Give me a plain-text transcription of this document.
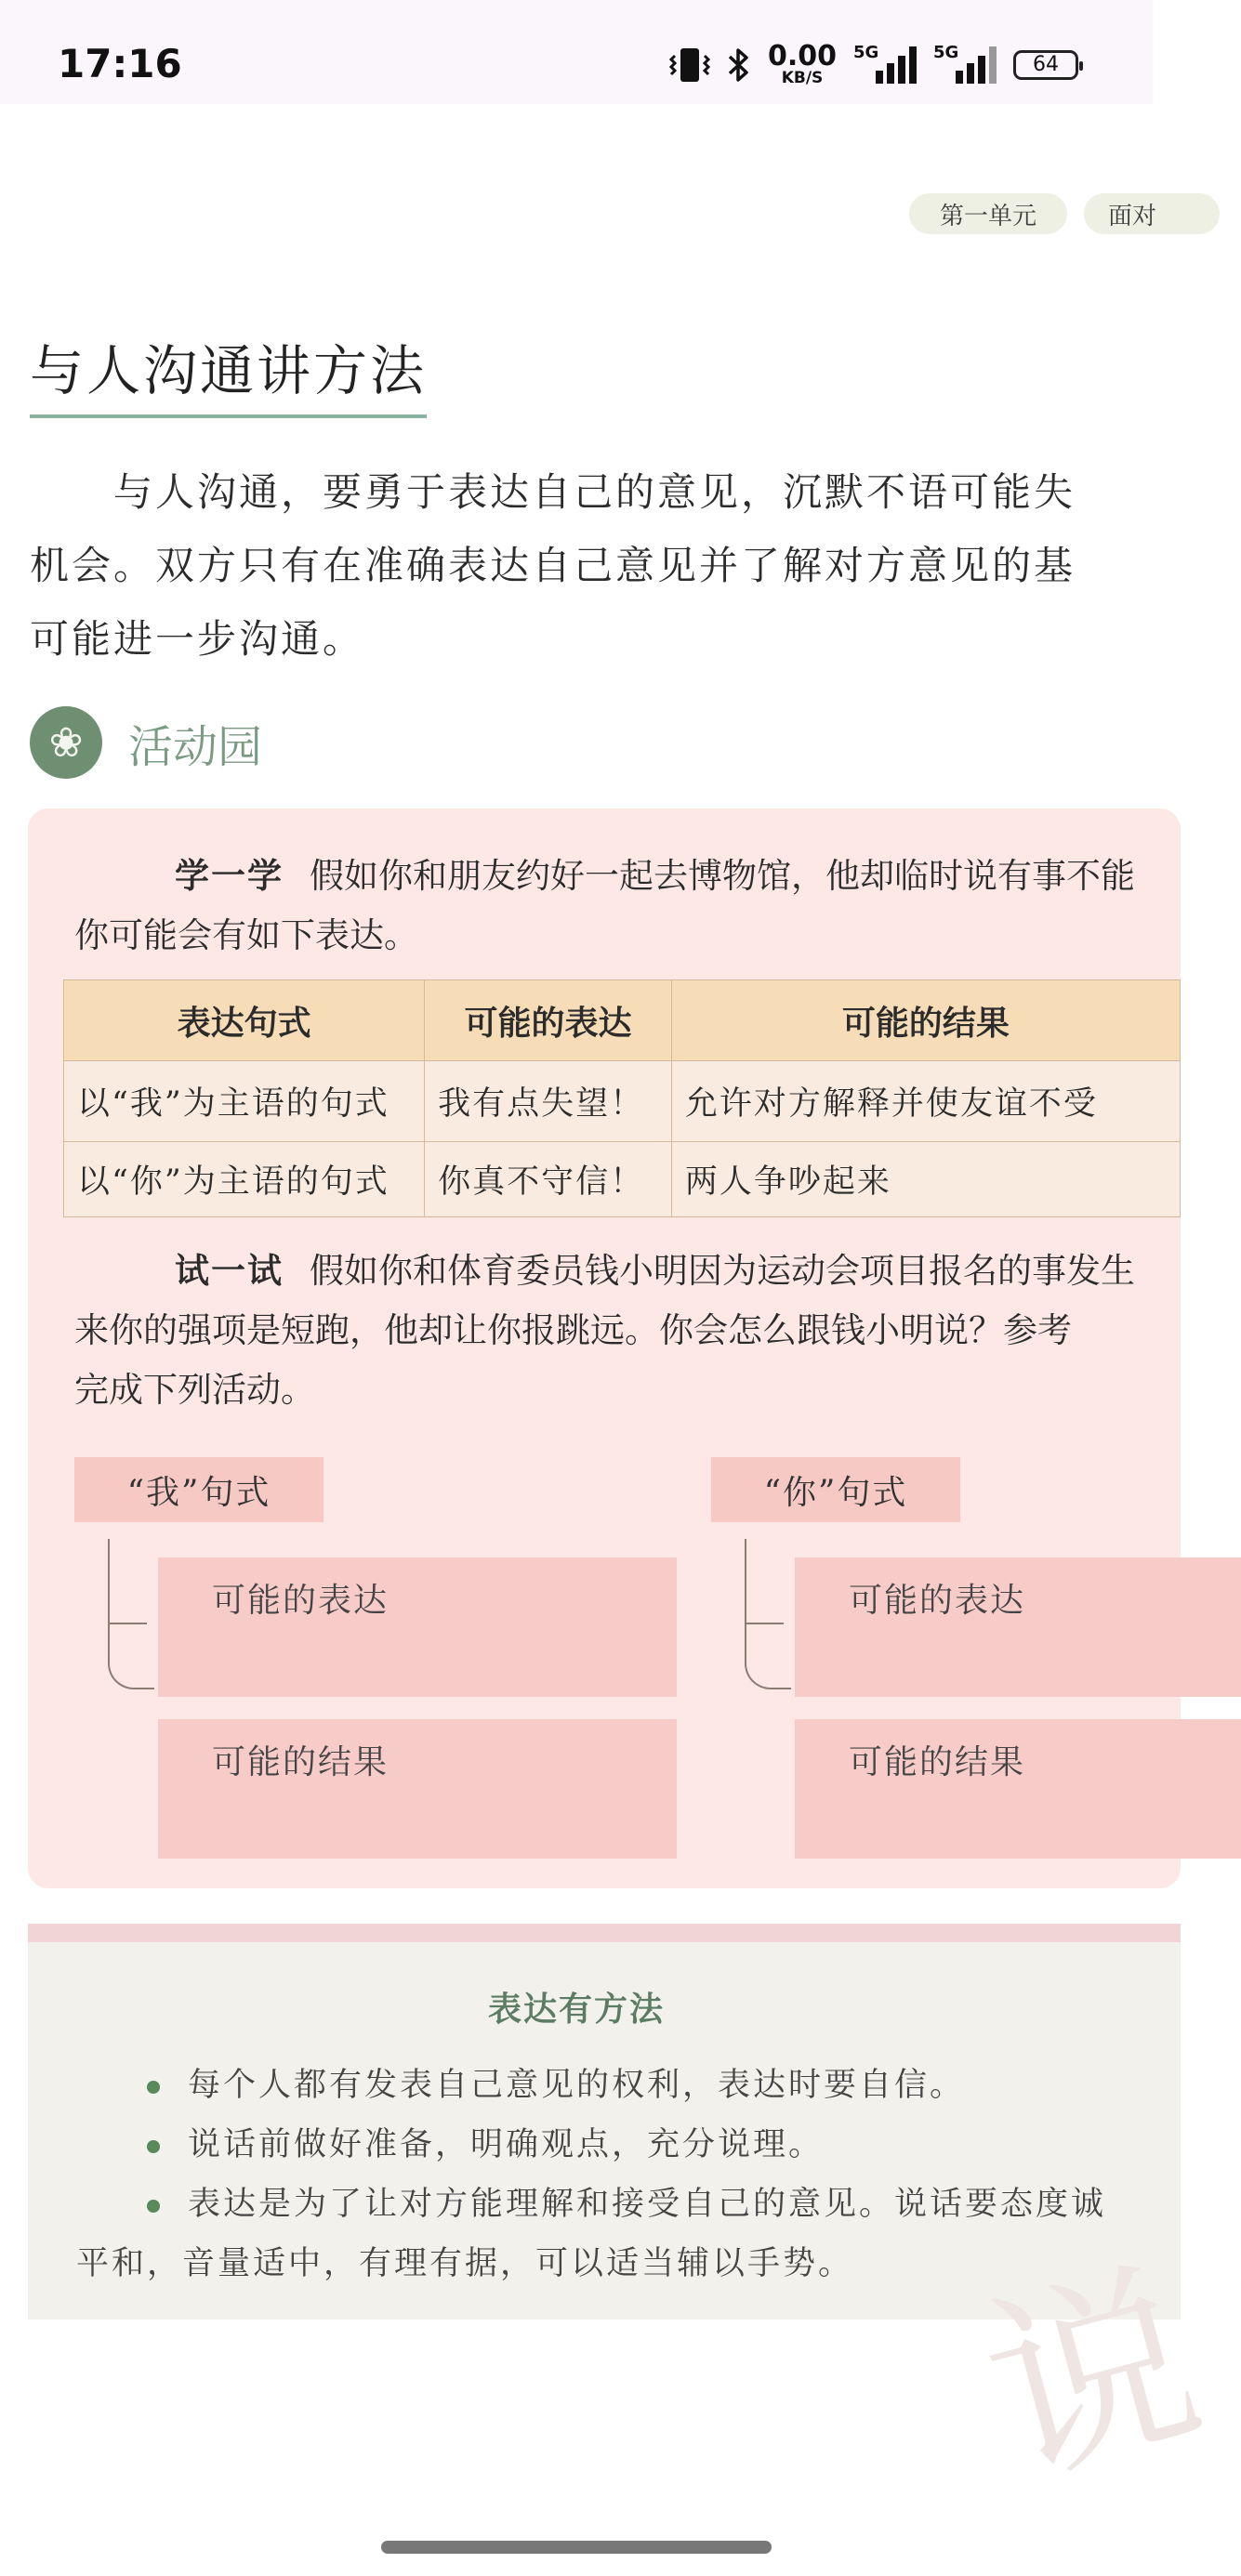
17:16	0.00
KB/S
5G	5G
64
第一单元	面对
与人沟通讲方法

　　与人沟通，要勇于表达自己的意见，沉默不语可能失

机会。双方只有在准确表达自己意见并了解对方意见的基

可能进一步沟通。

❀	活动园
学一学 假如你和朋友约好一起去博物馆，他却临时说有事不能
你可能会有如下表达。
表达句式	可能的表达	可能的结果
以“我”为主语的句式	我有点失望！	允许对方解释并使友谊不受
以“你”为主语的句式	你真不守信！	两人争吵起来
试一试 假如你和体育委员钱小明因为运动会项目报名的事发生
来你的强项是短跑，他却让你报跳远。你会怎么跟钱小明说？参考
完成下列活动。
“我”句式
可能的表达
可能的结果
“你”句式
可能的表达
可能的结果
表达有方法
每个人都有发表自己意见的权利，表达时要自信。
说话前做好准备，明确观点，充分说理。
表达是为了让对方能理解和接受自己的意见。说话要态度诚
平和，音量适中，有理有据，可以适当辅以手势。 说
